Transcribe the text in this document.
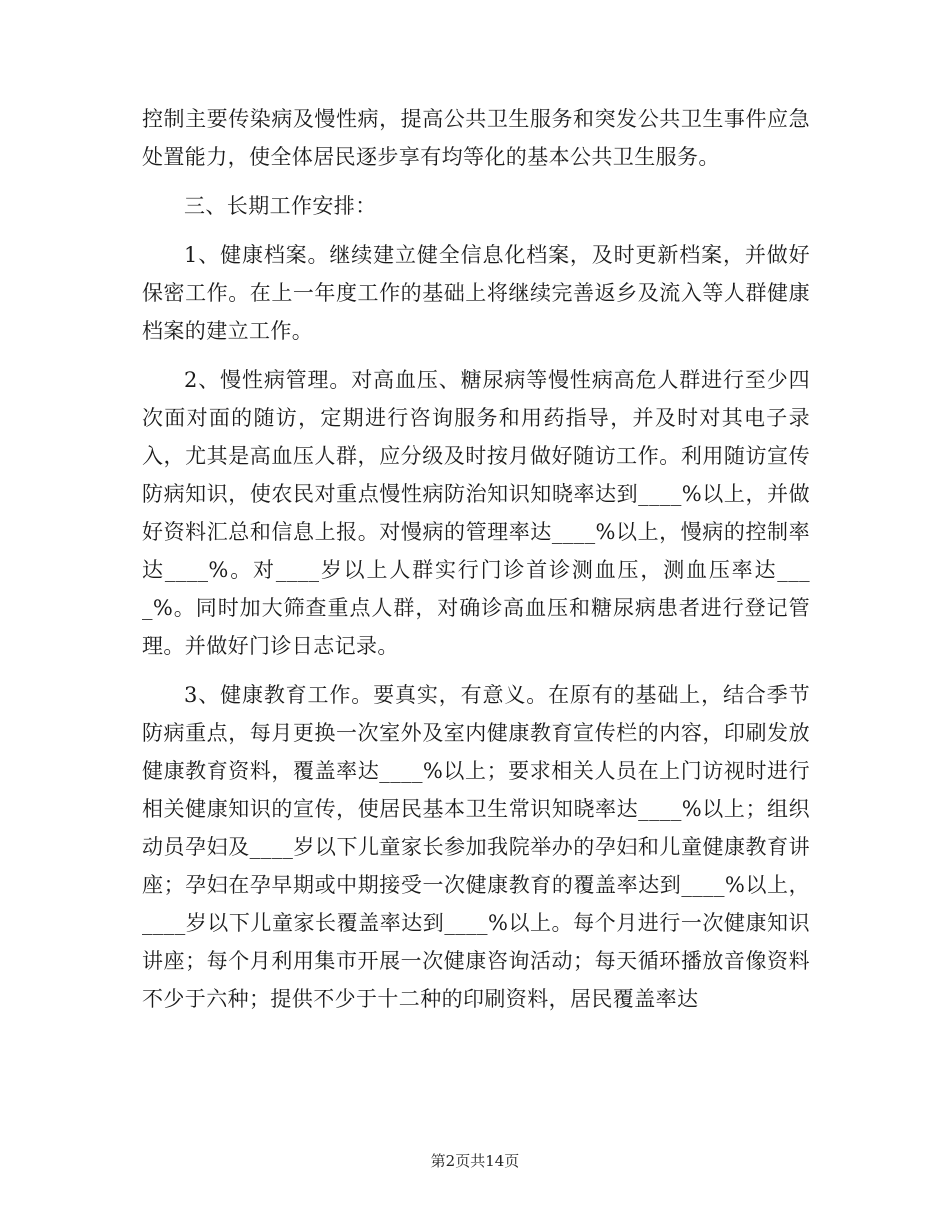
控制主要传染病及慢性病，提高公共卫生服务和突发公共卫生事件应急处置能力，使全体居民逐步享有均等化的基本公共卫生服务。

三、长期工作安排：

1、健康档案。继续建立健全信息化档案，及时更新档案，并做好保密工作。在上一年度工作的基础上将继续完善返乡及流入等人群健康档案的建立工作。

2、慢性病管理。对高血压、糖尿病等慢性病高危人群进行至少四次面对面的随访，定期进行咨询服务和用药指导，并及时对其电子录入，尤其是高血压人群，应分级及时按月做好随访工作。利用随访宣传防病知识，使农民对重点慢性病防治知识知晓率达到____%以上，并做好资料汇总和信息上报。对慢病的管理率达____%以上，慢病的控制率达____%。对____岁以上人群实行门诊首诊测血压，测血压率达____%。同时加大筛查重点人群，对确诊高血压和糖尿病患者进行登记管理。并做好门诊日志记录。

3、健康教育工作。要真实，有意义。在原有的基础上，结合季节防病重点，每月更换一次室外及室内健康教育宣传栏的内容，印刷发放健康教育资料，覆盖率达____%以上；要求相关人员在上门访视时进行相关健康知识的宣传，使居民基本卫生常识知晓率达____%以上；组织动员孕妇及____岁以下儿童家长参加我院举办的孕妇和儿童健康教育讲座；孕妇在孕早期或中期接受一次健康教育的覆盖率达到____%以上，____岁以下儿童家长覆盖率达到____%以上。每个月进行一次健康知识讲座；每个月利用集市开展一次健康咨询活动；每天循环播放音像资料不少于六种；提供不少于十二种的印刷资料，居民覆盖率达

第2页共14页
